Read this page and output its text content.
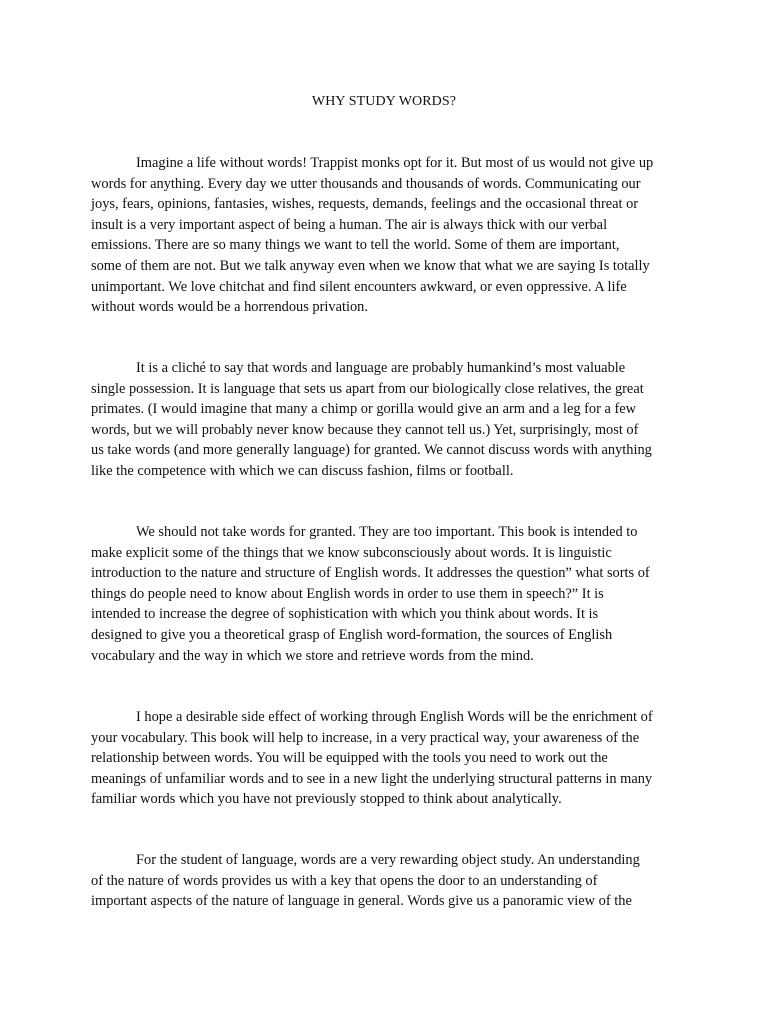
WHY STUDY WORDS?
Imagine a life without words! Trappist monks opt for it. But most of us would not give up
words for anything. Every day we utter thousands and thousands of words. Communicating our
joys, fears, opinions, fantasies, wishes, requests, demands, feelings and the occasional threat or
insult is a very important aspect of being a human. The air is always thick with our verbal
emissions. There are so many things we want to tell the world. Some of them are important,
some of them are not. But we talk anyway even when we know that what we are saying Is totally
unimportant. We love chitchat and find silent encounters awkward, or even oppressive. A life
without words would be a horrendous privation.
It is a cliché to say that words and language are probably humankind’s most valuable
single possession. It is language that sets us apart from our biologically close relatives, the great
primates. (I would imagine that many a chimp or gorilla would give an arm and a leg for a few
words, but we will probably never know because they cannot tell us.) Yet, surprisingly, most of
us take words (and more generally language) for granted. We cannot discuss words with anything
like the competence with which we can discuss fashion, films or football.
We should not take words for granted. They are too important. This book is intended to
make explicit some of the things that we know subconsciously about words. It is linguistic
introduction to the nature and structure of English words. It addresses the question” what sorts of
things do people need to know about English words in order to use them in speech?” It is
intended to increase the degree of sophistication with which you think about words. It is
designed to give you a theoretical grasp of English word-formation, the sources of English
vocabulary and the way in which we store and retrieve words from the mind.
I hope a desirable side effect of working through English Words will be the enrichment of
your vocabulary. This book will help to increase, in a very practical way, your awareness of the
relationship between words. You will be equipped with the tools you need to work out the
meanings of unfamiliar words and to see in a new light the underlying structural patterns in many
familiar words which you have not previously stopped to think about analytically.
For the student of language, words are a very rewarding object study. An understanding
of the nature of words provides us with a key that opens the door to an understanding of
important aspects of the nature of language in general. Words give us a panoramic view of the
